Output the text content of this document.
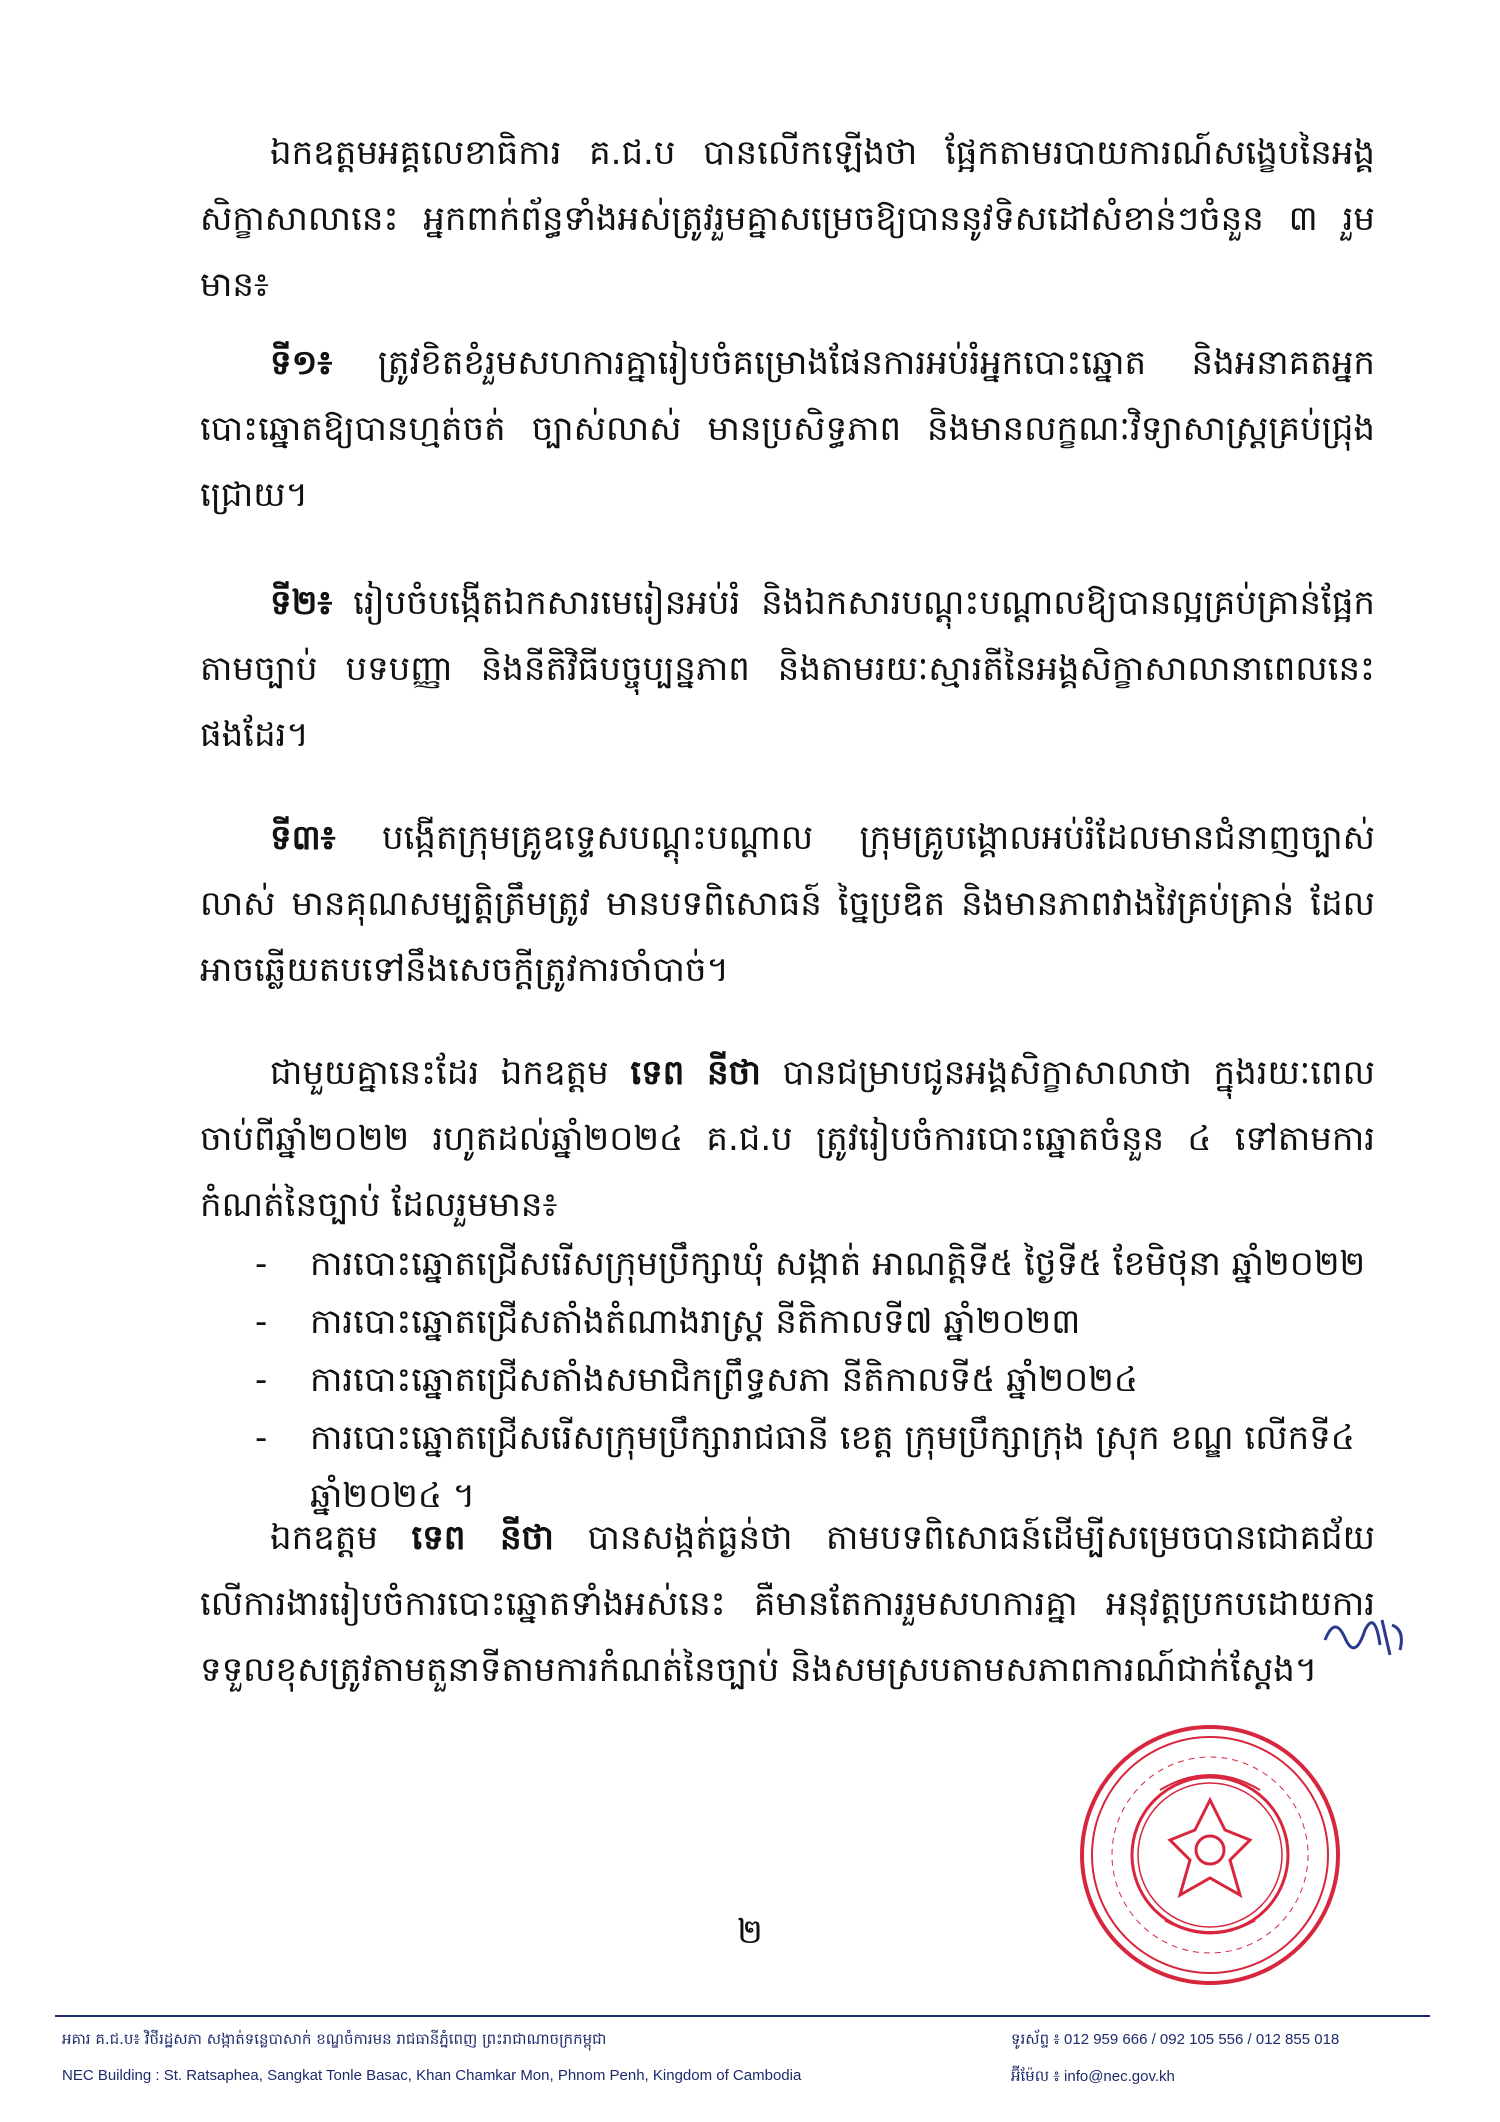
ឯកឧត្តមអគ្គលេខាធិការ គ.ជ.ប បានលើកឡើងថា ផ្អែកតាមរបាយការណ៍សង្ខេបនៃអង្គសិក្ខាសាលានេះ អ្នកពាក់ព័ន្ធទាំងអស់ត្រូវរួមគ្នាសម្រេចឱ្យបាននូវទិសដៅសំខាន់ៗចំនួន ៣ រួមមាន៖

ទី១៖ ត្រូវខិតខំរួមសហការគ្នារៀបចំគម្រោងផែនការអប់រំអ្នកបោះឆ្នោត និងអនាគតអ្នកបោះឆ្នោតឱ្យបានហ្មត់ចត់ ច្បាស់លាស់ មានប្រសិទ្ធភាព និងមានលក្ខណៈវិទ្យាសាស្ត្រគ្រប់ជ្រុងជ្រោយ។

ទី២៖ រៀបចំបង្កើតឯកសារមេរៀនអប់រំ និងឯកសារបណ្តុះបណ្តាលឱ្យបានល្អគ្រប់គ្រាន់ផ្អែកតាមច្បាប់ បទបញ្ញា និងនីតិវិធីបច្ចុប្បន្នភាព និងតាមរយៈស្មារតីនៃអង្គសិក្ខាសាលានាពេលនេះផងដែរ។

ទី៣៖ បង្កើតក្រុមគ្រូឧទ្ទេសបណ្តុះបណ្តាល ក្រុមគ្រូបង្គោលអប់រំដែលមានជំនាញច្បាស់លាស់ មានគុណសម្បត្តិត្រឹមត្រូវ មានបទពិសោធន៍ ច្នៃប្រឌិត និងមានភាពវាងវៃគ្រប់គ្រាន់ ដែលអាចឆ្លើយតបទៅនឹងសេចក្តីត្រូវការចាំបាច់។

ជាមួយគ្នានេះដែរ ឯកឧត្តម ទេព នីថា បានជម្រាបជូនអង្គសិក្ខាសាលាថា ក្នុងរយៈពេលចាប់ពីឆ្នាំ២០២២ រហូតដល់ឆ្នាំ២០២៤ គ.ជ.ប ត្រូវរៀបចំការបោះឆ្នោតចំនួន ៤ ទៅតាមការកំណត់នៃច្បាប់ ដែលរួមមាន៖

- ការបោះឆ្នោតជ្រើសរើសក្រុមប្រឹក្សាឃុំ សង្កាត់ អាណត្តិទី៥ ថ្ងៃទី៥ ខែមិថុនា ឆ្នាំ២០២២
- ការបោះឆ្នោតជ្រើសតាំងតំណាងរាស្ត្រ នីតិកាលទី៧ ឆ្នាំ២០២៣
- ការបោះឆ្នោតជ្រើសតាំងសមាជិកព្រឹទ្ធសភា នីតិកាលទី៥ ឆ្នាំ២០២៤
- ការបោះឆ្នោតជ្រើសរើសក្រុមប្រឹក្សារាជធានី ខេត្ត ក្រុមប្រឹក្សាក្រុង ស្រុក ខណ្ឌ លើកទី៤ ឆ្នាំ២០២៤ ។

ឯកឧត្តម ទេព នីថា បានសង្កត់ធ្ងន់ថា តាមបទពិសោធន៍ដើម្បីសម្រេចបានជោគជ័យលើការងាររៀបចំការបោះឆ្នោតទាំងអស់នេះ គឺមានតែការរួមសហការគ្នា អនុវត្តប្រកបដោយការទទួលខុសត្រូវតាមតួនាទីតាមការកំណត់នៃច្បាប់ និងសមស្របតាមសភាពការណ៍ជាក់ស្តែង។

២
អគារ គ.ជ.ប៖ វិថីរដ្ឋសភា សង្កាត់ទន្លេបាសាក់ ខណ្ឌចំការមន រាជធានីភ្នំពេញ ព្រះរាជាណាចក្រកម្ពុជា
NEC Building : St. Ratsaphea, Sangkat Tonle Basac, Khan Chamkar Mon, Phnom Penh, Kingdom of Cambodia
ទូរស័ព្ទ ៖ 012 959 666 / 092 105 556 / 012 855 018
អ៊ីម៉ែល ៖ info@nec.gov.kh
